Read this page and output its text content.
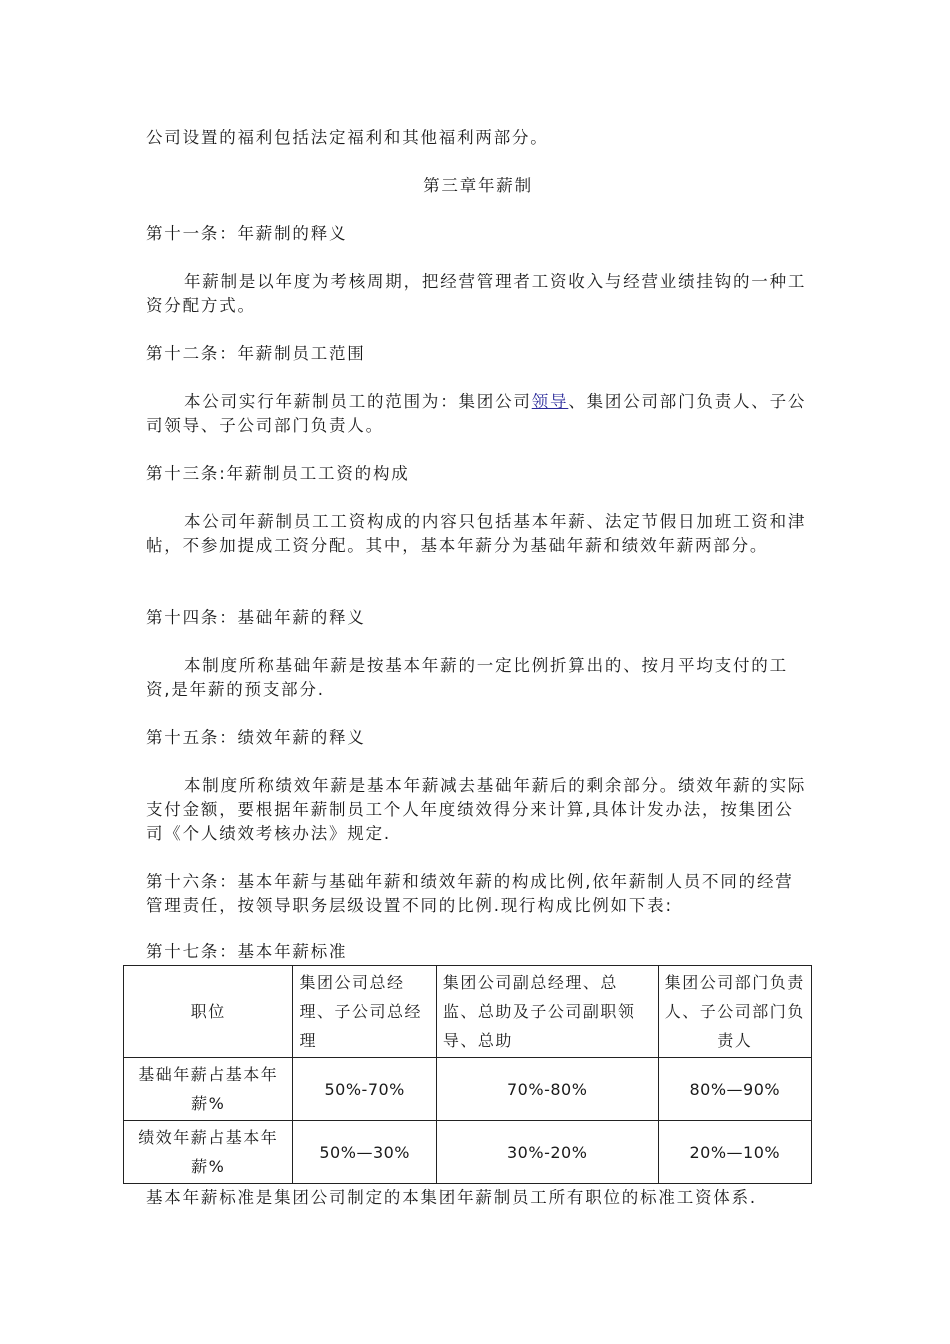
公司设置的福利包括法定福利和其他福利两部分。

第三章年薪制

第十一条：年薪制的释义

年薪制是以年度为考核周期，把经营管理者工资收入与经营业绩挂钩的一种工资分配方式。

第十二条：年薪制员工范围

本公司实行年薪制员工的范围为：集团公司领导、集团公司部门负责人、子公司领导、子公司部门负责人。

第十三条:年薪制员工工资的构成

本公司年薪制员工工资构成的内容只包括基本年薪、法定节假日加班工资和津帖，不参加提成工资分配。其中，基本年薪分为基础年薪和绩效年薪两部分。

第十四条：基础年薪的释义

本制度所称基础年薪是按基本年薪的一定比例折算出的、按月平均支付的工资,是年薪的预支部分.

第十五条：绩效年薪的释义

本制度所称绩效年薪是基本年薪减去基础年薪后的剩余部分。绩效年薪的实际支付金额，要根据年薪制员工个人年度绩效得分来计算,具体计发办法，按集团公司《个人绩效考核办法》规定.

第十六条：基本年薪与基础年薪和绩效年薪的构成比例,依年薪制人员不同的经营管理责任，按领导职务层级设置不同的比例.现行构成比例如下表:

第十七条：基本年薪标准

职位	集团公司总经理、子公司总经理	集团公司副总经理、总监、总助及子公司副职领导、总助	集团公司部门负责人、子公司部门负责人
基础年薪占基本年薪%	50%-70%	70%-80%	80%—90%
绩效年薪占基本年薪%	50%—30%	30%-20%	20%—10%

基本年薪标准是集团公司制定的本集团年薪制员工所有职位的标准工资体系.
